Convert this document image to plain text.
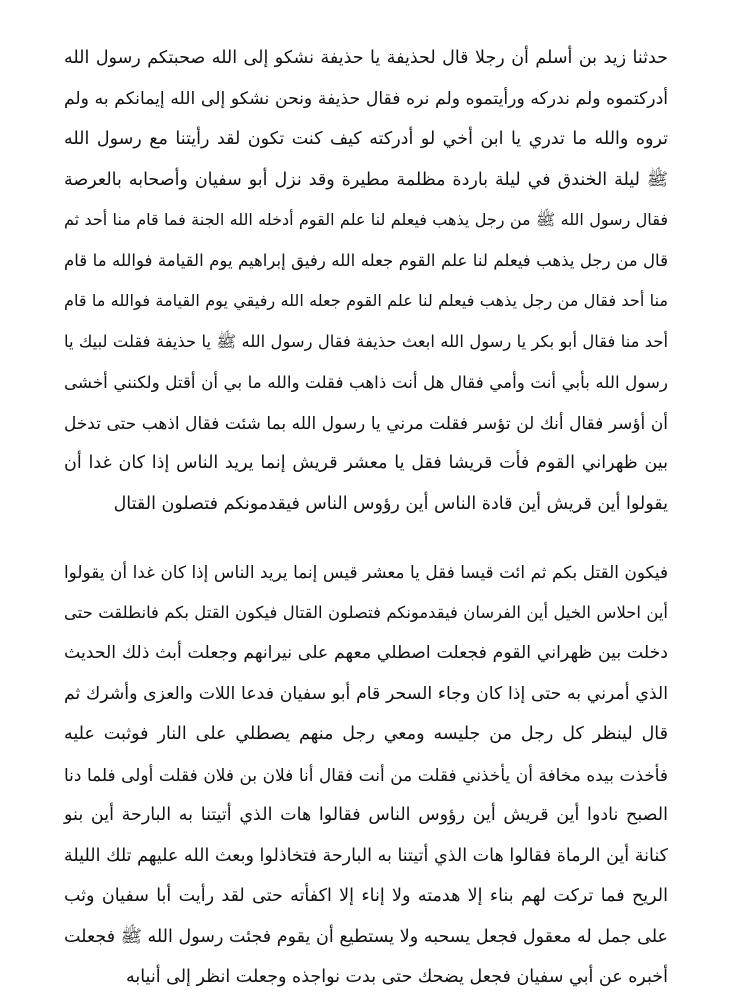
حدثنا زيد بن أسلم أن رجلا قال لحذيفة يا حذيفة نشكو إلى الله صحبتكم رسول الله
أدركتموه ولم ندركه ورأيتموه ولم نره فقال حذيفة ونحن نشكو إلى الله إيمانكم به ولم
تروه والله ما تدري يا ابن أخي لو أدركته كيف كنت تكون لقد رأيتنا مع رسول الله
ﷺ ليلة الخندق في ليلة باردة مظلمة مطيرة وقد نزل أبو سفيان وأصحابه بالعرصة
فقال رسول الله ﷺ من رجل يذهب فيعلم لنا علم القوم أدخله الله الجنة فما قام منا أحد ثم
قال من رجل يذهب فيعلم لنا علم القوم جعله الله رفيق إبراهيم يوم القيامة فوالله ما قام
منا أحد فقال من رجل يذهب فيعلم لنا علم القوم جعله الله رفيقي يوم القيامة فوالله ما قام
أحد منا فقال أبو بكر يا رسول الله ابعث حذيفة فقال رسول الله ﷺ يا حذيفة فقلت لبيك يا
رسول الله بأبي أنت وأمي فقال هل أنت ذاهب فقلت والله ما بي أن أقتل ولكنني أخشى
أن أؤسر فقال أنك لن تؤسر فقلت مرني يا رسول الله بما شئت فقال اذهب حتى تدخل
بين ظهراني القوم فأت قريشا فقل يا معشر قريش إنما يريد الناس إذا كان غدا أن
يقولوا أين قريش أين قادة الناس أين رؤوس الناس فيقدمونكم فتصلون القتال
فيكون القتل بكم ثم ائت قيسا فقل يا معشر قيس إنما يريد الناس إذا كان غدا أن يقولوا
أين احلاس الخيل أين الفرسان فيقدمونكم فتصلون القتال فيكون القتل بكم فانطلقت حتى
دخلت بين ظهراني القوم فجعلت اصطلي معهم على نيرانهم وجعلت أبث ذلك الحديث
الذي أمرني به حتى إذا كان وجاء السحر قام أبو سفيان فدعا اللات والعزى وأشرك ثم
قال لينظر كل رجل من جليسه ومعي رجل منهم يصطلي على النار فوثبت عليه
فأخذت بيده مخافة أن يأخذني فقلت من أنت فقال أنا فلان بن فلان فقلت أولى فلما دنا
الصبح نادوا أين قريش أين رؤوس الناس فقالوا هات الذي أتيتنا به البارحة أين بنو
كنانة أين الرماة فقالوا هات الذي أتيتنا به البارحة فتخاذلوا وبعث الله عليهم تلك الليلة
الريح فما تركت لهم بناء إلا هدمته ولا إناء إلا اكفأته حتى لقد رأيت أبا سفيان وثب
على جمل له معقول فجعل يسحبه ولا يستطيع أن يقوم فجئت رسول الله ﷺ فجعلت
أخبره عن أبي سفيان فجعل يضحك حتى بدت نواجذه وجعلت انظر إلى أنيابه
